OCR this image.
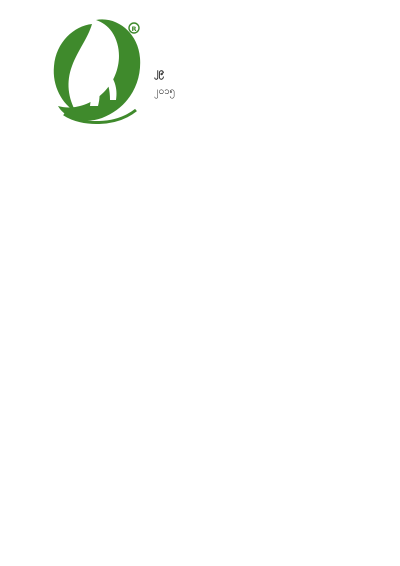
R
၂၉
၂၀၁၅
